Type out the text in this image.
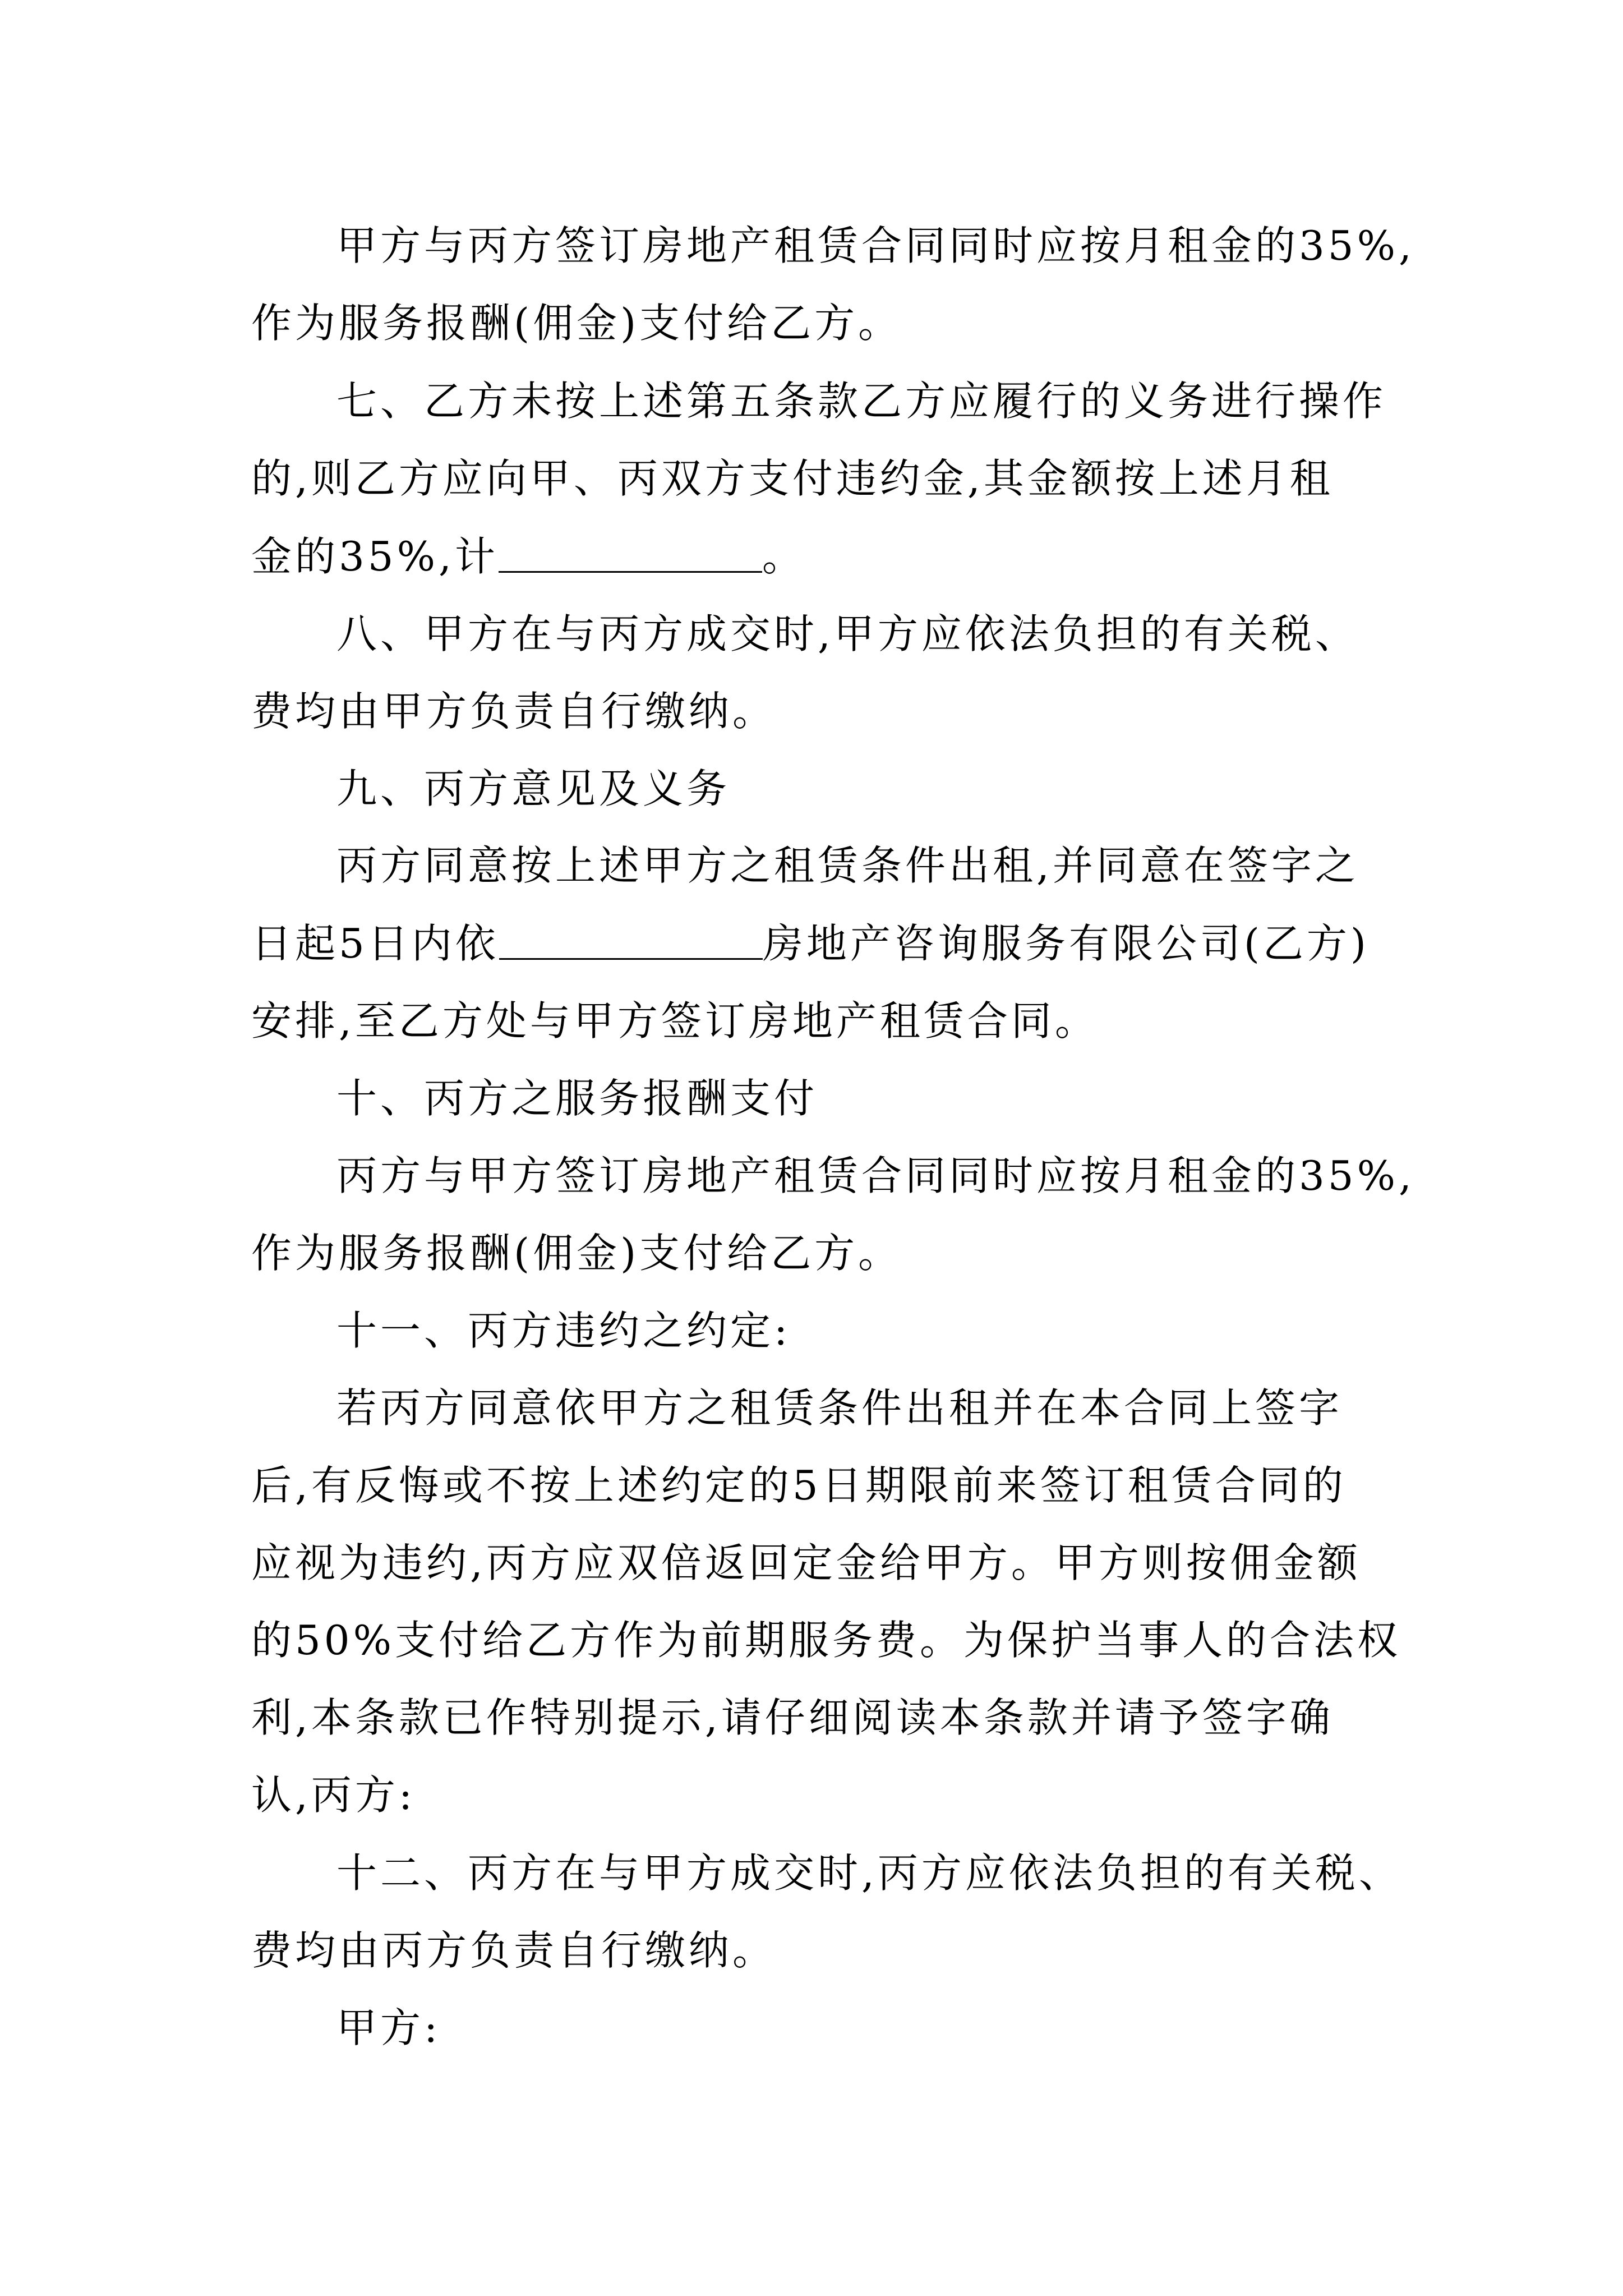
甲方与丙方签订房地产租赁合同同时应按月租金的35%,
作为服务报酬(佣金)支付给乙方。
七、乙方未按上述第五条款乙方应履行的义务进行操作
的,则乙方应向甲、丙双方支付违约金,其金额按上述月租
金的35%,计	。
八、甲方在与丙方成交时,甲方应依法负担的有关税、
费均由甲方负责自行缴纳。
九、丙方意见及义务
丙方同意按上述甲方之租赁条件出租,并同意在签字之
日起5日内依	房地产咨询服务有限公司(乙方)
安排,至乙方处与甲方签订房地产租赁合同。
十、丙方之服务报酬支付
丙方与甲方签订房地产租赁合同同时应按月租金的35%,
作为服务报酬(佣金)支付给乙方。
十一、丙方违约之约定:
若丙方同意依甲方之租赁条件出租并在本合同上签字
后,有反悔或不按上述约定的5日期限前来签订租赁合同的
应视为违约,丙方应双倍返回定金给甲方。甲方则按佣金额
的50%支付给乙方作为前期服务费。为保护当事人的合法权
利,本条款已作特别提示,请仔细阅读本条款并请予签字确
认,丙方:
十二、丙方在与甲方成交时,丙方应依法负担的有关税、
费均由丙方负责自行缴纳。
甲方:
